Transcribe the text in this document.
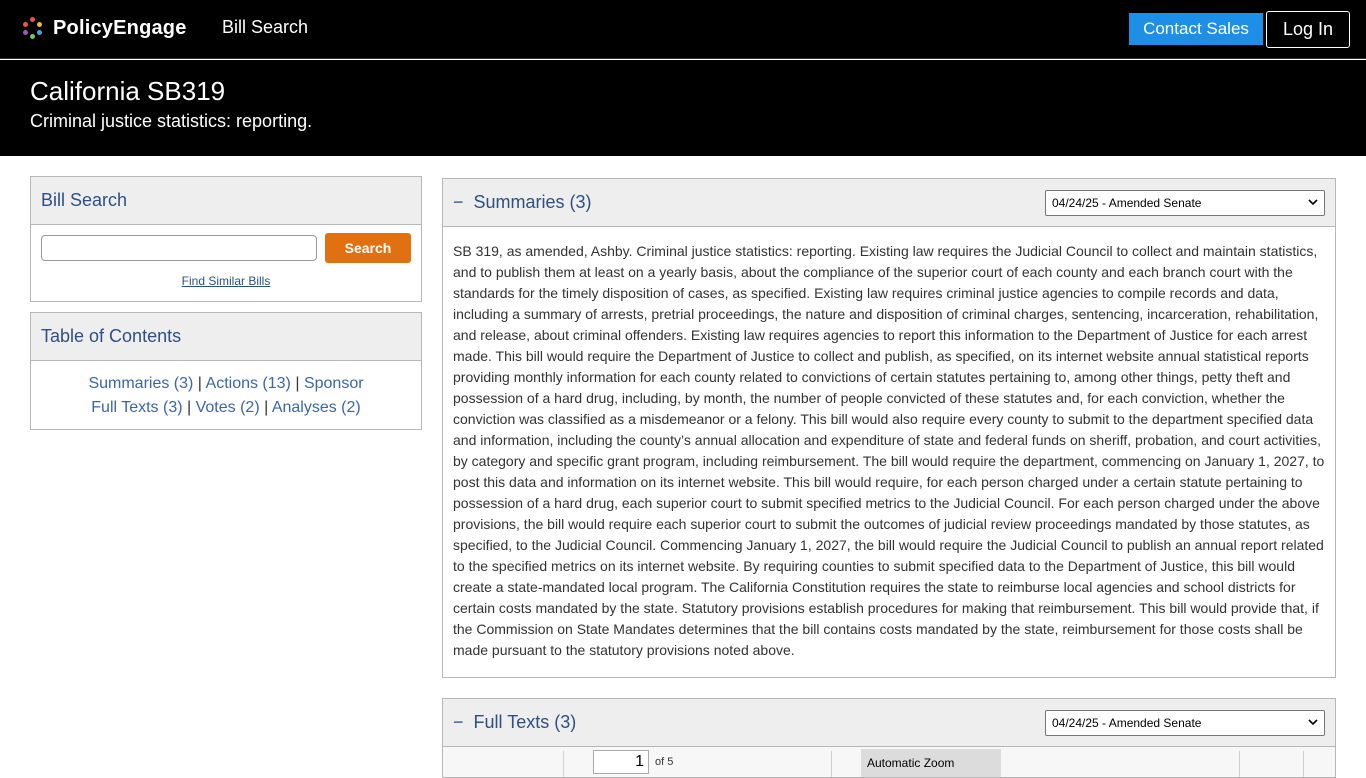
PolicyEngage Bill Search	Contact Sales	Log In
California SB319
Criminal justice statistics: reporting.
Bill Search
Search
Find Similar Bills
Table of Contents
Summaries (3) | Actions (13) | Sponsor
Full Texts (3) | Votes (2) | Analyses (2)
− Summaries (3)	04/24/25 - Amended Senate
SB 319, as amended, Ashby. Criminal justice statistics: reporting. Existing law requires the Judicial Council to collect and maintain statistics, and to publish them at least on a yearly basis, about the compliance of the superior court of each county and each branch court with the standards for the timely disposition of cases, as specified. Existing law requires criminal justice agencies to compile records and data, including a summary of arrests, pretrial proceedings, the nature and disposition of criminal charges, sentencing, incarceration, rehabilitation, and release, about criminal offenders. Existing law requires agencies to report this information to the Department of Justice for each arrest made. This bill would require the Department of Justice to collect and publish, as specified, on its internet website annual statistical reports providing monthly information for each county related to convictions of certain statutes pertaining to, among other things, petty theft and possession of a hard drug, including, by month, the number of people convicted of these statutes and, for each conviction, whether the conviction was classified as a misdemeanor or a felony. This bill would also require every county to submit to the department specified data and information, including the county’s annual allocation and expenditure of state and federal funds on sheriff, probation, and court activities, by category and specific grant program, including reimbursement. The bill would require the department, commencing on January 1, 2027, to post this data and information on its internet website. This bill would require, for each person charged under a certain statute pertaining to possession of a hard drug, each superior court to submit specified metrics to the Judicial Council. For each person charged under the above provisions, the bill would require each superior court to submit the outcomes of judicial review proceedings mandated by those statutes, as specified, to the Judicial Council. Commencing January 1, 2027, the bill would require the Judicial Council to publish an annual report related to the specified metrics on its internet website. By requiring counties to submit specified data to the Department of Justice, this bill would create a state-mandated local program. The California Constitution requires the state to reimburse local agencies and school districts for certain costs mandated by the state. Statutory provisions establish procedures for making that reimbursement. This bill would provide that, if the Commission on State Mandates determines that the bill contains costs mandated by the state, reimbursement for those costs shall be made pursuant to the statutory provisions noted above.
− Full Texts (3)	04/24/25 - Amended Senate
1	of 5	Automatic Zoom
